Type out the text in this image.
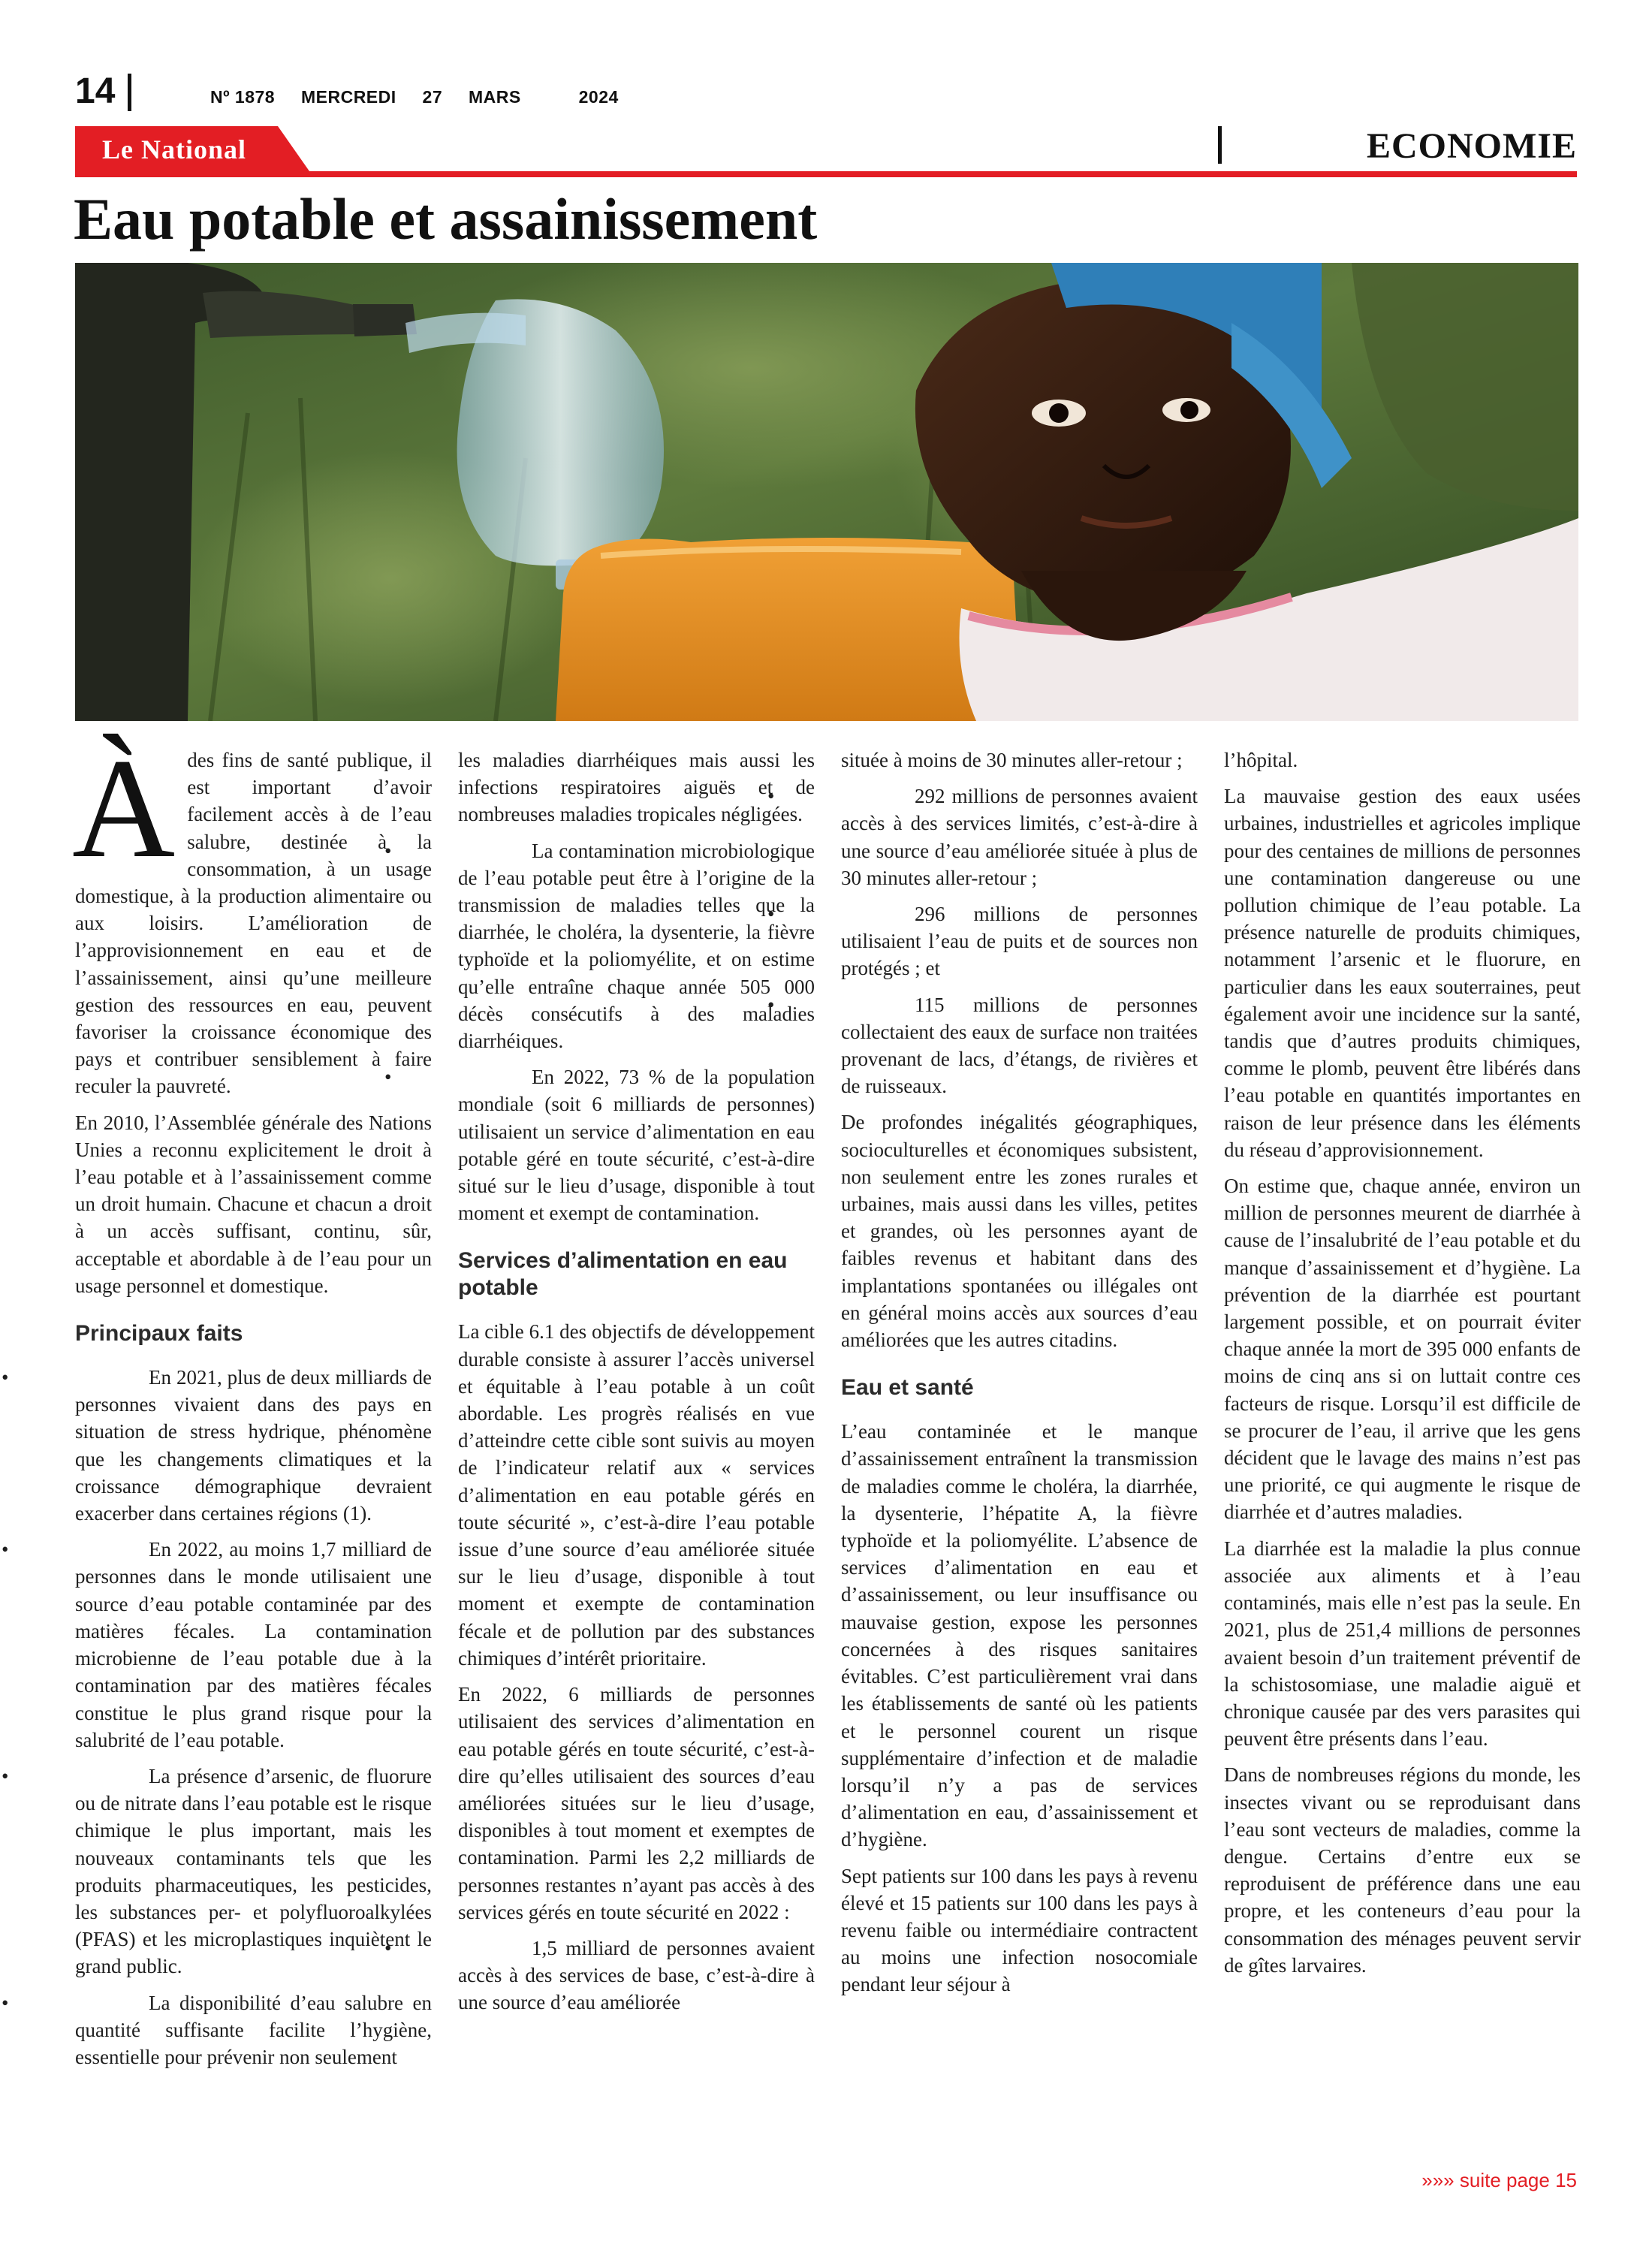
14	Nº 1878 MERCREDI 27 MARS	2024
Le National	ECONOMIE
Eau potable et assainissement

Àdes fins de santé publique, il est important d’avoir facilement accès à de l’eau salubre, destinée à la consommation, à un usage domestique, à la production alimentaire ou aux loisirs. L’amélioration de l’approvisionnement en eau et de l’assainissement, ainsi qu’une meilleure gestion des ressources en eau, peuvent favoriser la croissance économique des pays et contribuer sensiblement à faire reculer la pauvreté.

En 2010, l’Assemblée générale des Nations Unies a reconnu explicitement le droit à l’eau potable et à l’assainissement comme un droit humain. Chacune et chacun a droit à un accès suffisant, continu, sûr, acceptable et abordable à de l’eau pour un usage personnel et domestique.

Principaux faits

• En 2021, plus de deux milliards de personnes vivaient dans des pays en situation de stress hydrique, phénomène que les changements climatiques et la croissance démographique devraient exacerber dans certaines régions (1).

• En 2022, au moins 1,7 milliard de personnes dans le monde utilisaient une source d’eau potable contaminée par des matières fécales. La contamination microbienne de l’eau potable due à la contamination par des matières fécales constitue le plus grand risque pour la salubrité de l’eau potable.

• La présence d’arsenic, de fluorure ou de nitrate dans l’eau potable est le risque chimique le plus important, mais les nouveaux contaminants tels que les produits pharmaceutiques, les pesticides, les substances per- et polyfluoroalkylées (PFAS) et les microplastiques inquiètent le grand public.

• La disponibilité d’eau salubre en quantité suffisante facilite l’hygiène, essentielle pour prévenir non seulement

les maladies diarrhéiques mais aussi les infections respiratoires aiguës et de nombreuses maladies tropicales négligées.

• La contamination microbiologique de l’eau potable peut être à l’origine de la transmission de maladies telles que la diarrhée, le choléra, la dysenterie, la fièvre typhoïde et la poliomyélite, et on estime qu’elle entraîne chaque année 505 000 décès consécutifs à des maladies diarrhéiques.

• En 2022, 73 % de la population mondiale (soit 6 milliards de personnes) utilisaient un service d’alimentation en eau potable géré en toute sécurité, c’est-à-dire situé sur le lieu d’usage, disponible à tout moment et exempt de contamination.

Services d’alimentation en eau potable

La cible 6.1 des objectifs de développement durable consiste à assurer l’accès universel et équitable à l’eau potable à un coût abordable. Les progrès réalisés en vue d’atteindre cette cible sont suivis au moyen de l’indicateur relatif aux « services d’alimentation en eau potable gérés en toute sécurité », c’est-à-dire l’eau potable issue d’une source d’eau améliorée située sur le lieu d’usage, disponible à tout moment et exempte de contamination fécale et de pollution par des substances chimiques d’intérêt prioritaire.

En 2022, 6 milliards de personnes utilisaient des services d’alimentation en eau potable gérés en toute sécurité, c’est-à-dire qu’elles utilisaient des sources d’eau améliorées situées sur le lieu d’usage, disponibles à tout moment et exemptes de contamination. Parmi les 2,2 milliards de personnes restantes n’ayant pas accès à des services gérés en toute sécurité en 2022 :

• 1,5 milliard de personnes avaient accès à des services de base, c’est-à-dire à une source d’eau améliorée

située à moins de 30 minutes aller-retour ;

• 292 millions de personnes avaient accès à des services limités, c’est-à-dire à une source d’eau améliorée située à plus de 30 minutes aller-retour ;

• 296 millions de personnes utilisaient l’eau de puits et de sources non protégés ; et

• 115 millions de personnes collectaient des eaux de surface non traitées provenant de lacs, d’étangs, de rivières et de ruisseaux.

De profondes inégalités géographiques, socioculturelles et économiques subsistent, non seulement entre les zones rurales et urbaines, mais aussi dans les villes, petites et grandes, où les personnes ayant de faibles revenus et habitant dans des implantations spontanées ou illégales ont en général moins accès aux sources d’eau améliorées que les autres citadins.

Eau et santé

L’eau contaminée et le manque d’assainissement entraînent la transmission de maladies comme le choléra, la diarrhée, la dysenterie, l’hépatite A, la fièvre typhoïde et la poliomyélite. L’absence de services d’alimentation en eau et d’assainissement, ou leur insuffisance ou mauvaise gestion, expose les personnes concernées à des risques sanitaires évitables. C’est particulièrement vrai dans les établissements de santé où les patients et le personnel courent un risque supplémentaire d’infection et de maladie lorsqu’il n’y a pas de services d’alimentation en eau, d’assainissement et d’hygiène.

Sept patients sur 100 dans les pays à revenu élevé et 15 patients sur 100 dans les pays à revenu faible ou intermédiaire contractent au moins une infection nosocomiale pendant leur séjour à

l’hôpital.

La mauvaise gestion des eaux usées urbaines, industrielles et agricoles implique pour des centaines de millions de personnes une contamination dangereuse ou une pollution chimique de l’eau potable. La présence naturelle de produits chimiques, notamment l’arsenic et le fluorure, en particulier dans les eaux souterraines, peut également avoir une incidence sur la santé, tandis que d’autres produits chimiques, comme le plomb, peuvent être libérés dans l’eau potable en quantités importantes en raison de leur présence dans les éléments du réseau d’approvisionnement.

On estime que, chaque année, environ un million de personnes meurent de diarrhée à cause de l’insalubrité de l’eau potable et du manque d’assainissement et d’hygiène. La prévention de la diarrhée est pourtant largement possible, et on pourrait éviter chaque année la mort de 395 000 enfants de moins de cinq ans si on luttait contre ces facteurs de risque. Lorsqu’il est difficile de se procurer de l’eau, il arrive que les gens décident que le lavage des mains n’est pas une priorité, ce qui augmente le risque de diarrhée et d’autres maladies.

La diarrhée est la maladie la plus connue associée aux aliments et à l’eau contaminés, mais elle n’est pas la seule. En 2021, plus de 251,4 millions de personnes avaient besoin d’un traitement préventif de la schistosomiase, une maladie aiguë et chronique causée par des vers parasites qui peuvent être présents dans l’eau.

Dans de nombreuses régions du monde, les insectes vivant ou se reproduisant dans l’eau sont vecteurs de maladies, comme la dengue. Certains d’entre eux se reproduisent de préférence dans une eau propre, et les conteneurs d’eau pour la consommation des ménages peuvent servir de gîtes larvaires.

»»» suite page 15
